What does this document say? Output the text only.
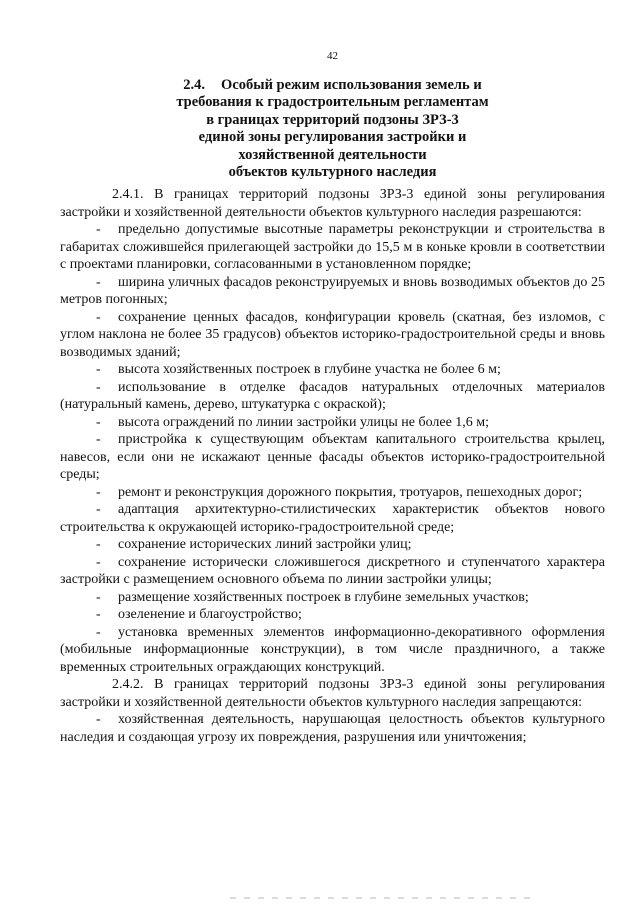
42
2.4. Особый режим использования земель и
требования к градостроительным регламентам
в границах территорий подзоны ЗРЗ-3
единой зоны регулирования застройки и
хозяйственной деятельности
объектов культурного наследия

2.4.1. В границах территорий подзоны ЗРЗ-3 единой зоны регулирования застройки и хозяйственной деятельности объектов культурного наследия разрешаются:

- предельно допустимые высотные параметры реконструкции и строительства в габаритах сложившейся прилегающей застройки до 15,5 м в коньке кровли в соответствии с проектами планировки, согласованными в установленном порядке;

- ширина уличных фасадов реконструируемых и вновь возводимых объектов до 25 метров погонных;

- сохранение ценных фасадов, конфигурации кровель (скатная, без изломов, с углом наклона не более 35 градусов) объектов историко-градостроительной среды и вновь возводимых зданий;

- высота хозяйственных построек в глубине участка не более 6 м;

- использование в отделке фасадов натуральных отделочных материалов (натуральный камень, дерево, штукатурка с окраской);

- высота ограждений по линии застройки улицы не более 1,6 м;

- пристройка к существующим объектам капитального строительства крылец, навесов, если они не искажают ценные фасады объектов историко-градостроительной среды;

- ремонт и реконструкция дорожного покрытия, тротуаров, пешеходных дорог;

- адаптация архитектурно-стилистических характеристик объектов нового строительства к окружающей историко-градостроительной среде;

- сохранение исторических линий застройки улиц;

- сохранение исторически сложившегося дискретного и ступенчатого характера застройки с размещением основного объема по линии застройки улицы;

- размещение хозяйственных построек в глубине земельных участков;

- озеленение и благоустройство;

- установка временных элементов информационно-декоративного оформления (мобильные информационные конструкции), в том числе праздничного, а также временных строительных ограждающих конструкций.

2.4.2. В границах территорий подзоны ЗРЗ-3 единой зоны регулирования застройки и хозяйственной деятельности объектов культурного наследия запрещаются:

- хозяйственная деятельность, нарушающая целостность объектов культурного наследия и создающая угрозу их повреждения, разрушения или уничтожения;
